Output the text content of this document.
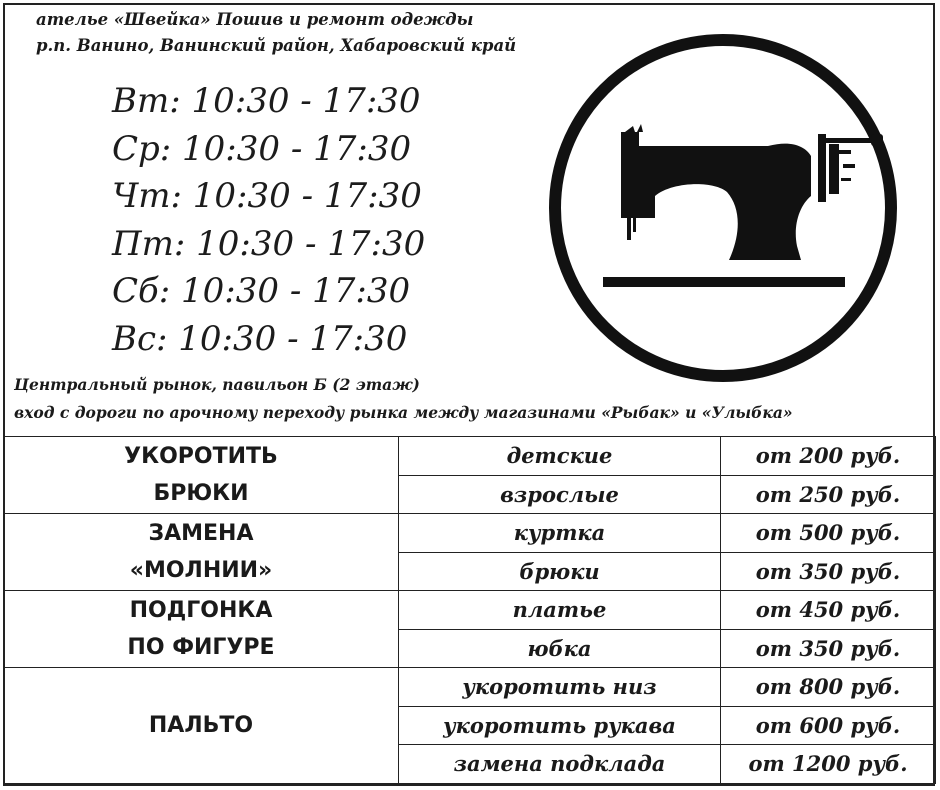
ателье «Швейка» Пошив и ремонт одежды
р.п. Ванино, Ванинский район, Хабаровский край
Вт: 10:30 - 17:30
Ср: 10:30 - 17:30
Чт: 10:30 - 17:30
Пт: 10:30 - 17:30
Сб: 10:30 - 17:30
Вс: 10:30 - 17:30
Центральный рынок, павильон Б (2 этаж)
вход с дороги по арочному переходу рынка между магазинами «Рыбак» и «Улыбка»
УКОРОТИТЬ
БРЮКИ	детские	от 200 руб.
	взрослые	от 250 руб.

ЗАМЕНА
«МОЛНИИ»	куртка	от 500 руб.
	брюки	от 350 руб.

ПОДГОНКА
ПО ФИГУРЕ	платье	от 450 руб.
	юбка	от 350 руб.

ПАЛЬТО	укоротить низ	от 800 руб.
	укоротить рукава	от 600 руб.
	замена подклада	от 1200 руб.
